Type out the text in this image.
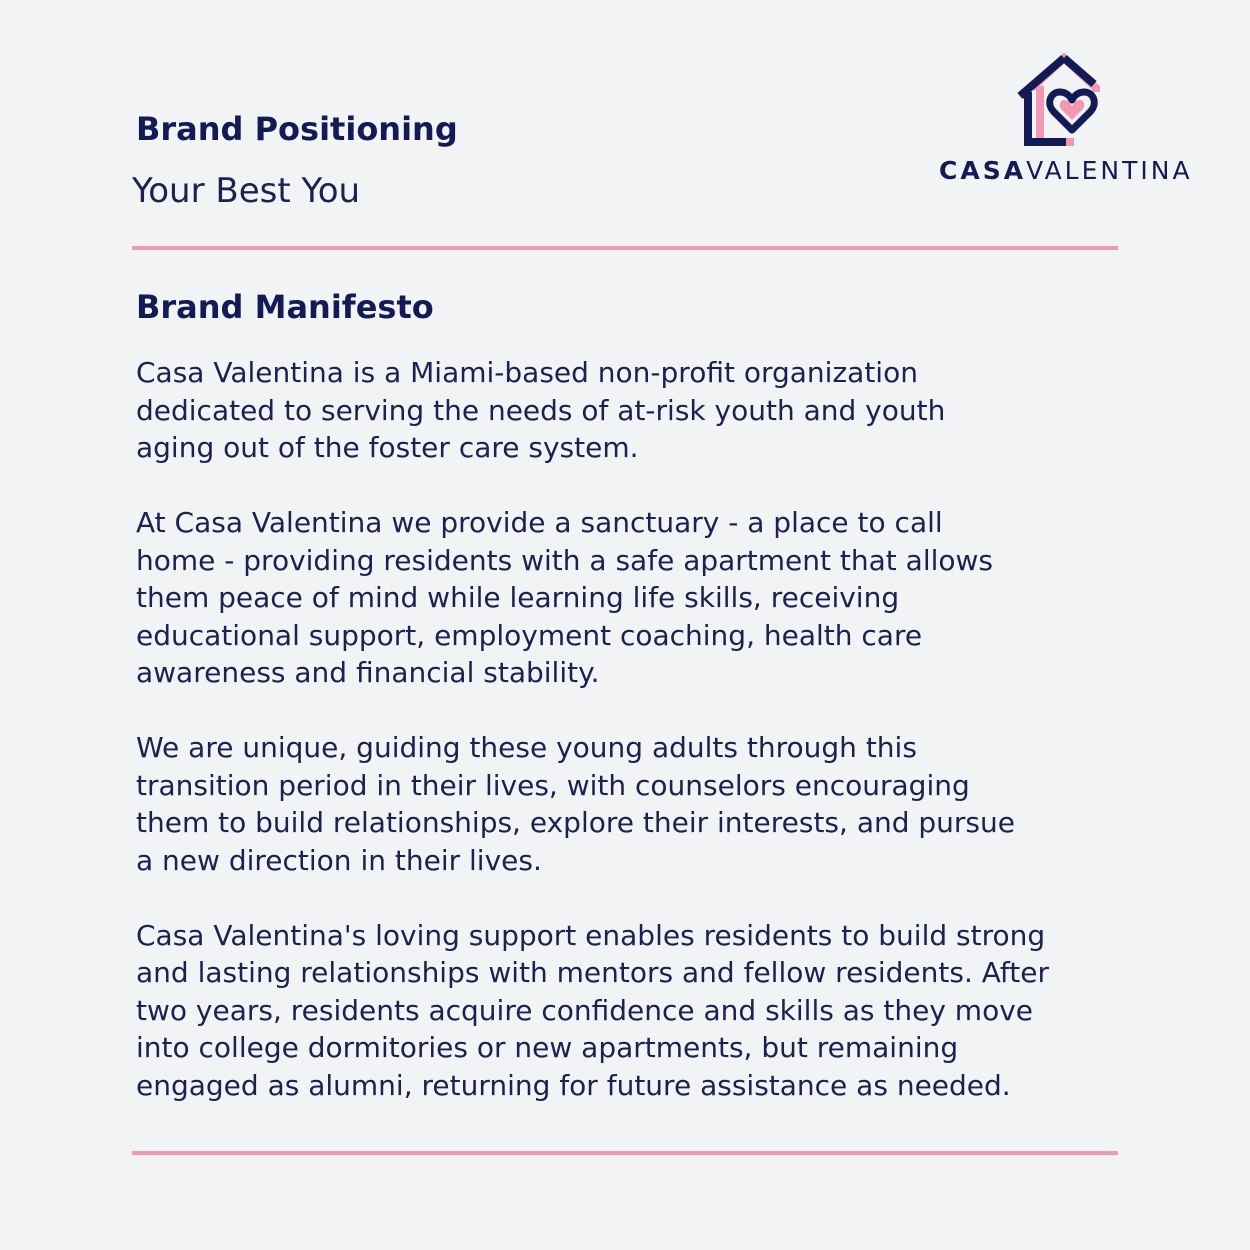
Brand Positioning
Your Best You
CASAVALENTINA
Brand Manifesto

Casa Valentina is a Miami-based non-profit organization
dedicated to serving the needs of at-risk youth and youth
aging out of the foster care system.

At Casa Valentina we provide a sanctuary - a place to call
home - providing residents with a safe apartment that allows
them peace of mind while learning life skills, receiving
educational support, employment coaching, health care
awareness and financial stability.

We are unique, guiding these young adults through this
transition period in their lives, with counselors encouraging
them to build relationships, explore their interests, and pursue
a new direction in their lives.

Casa Valentina's loving support enables residents to build strong
and lasting relationships with mentors and fellow residents. After
two years, residents acquire confidence and skills as they move
into college dormitories or new apartments, but remaining
engaged as alumni, returning for future assistance as needed.
